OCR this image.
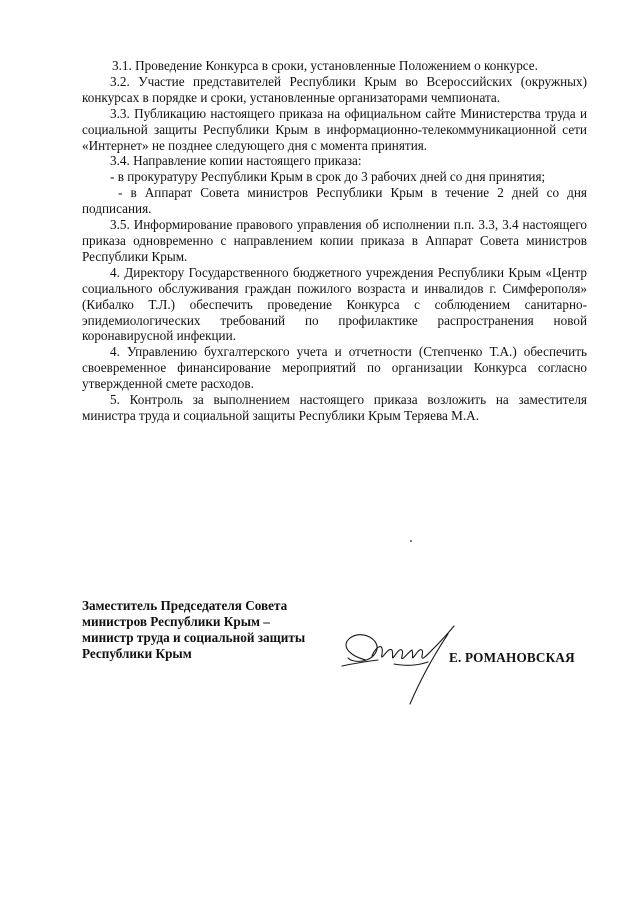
3.1. Проведение Конкурса в сроки, установленные Положением о конкурсе.

3.2. Участие представителей Республики Крым во Всероссийских (окружных) конкурсах в порядке и сроки, установленные организаторами чемпионата.

3.3. Публикацию настоящего приказа на официальном сайте Министерства труда и социальной защиты Республики Крым в информационно-телекоммуникационной сети «Интернет» не позднее следующего дня с момента принятия.

3.4. Направление копии настоящего приказа:

- в прокуратуру Республики Крым в срок до 3 рабочих дней со дня принятия;

- в Аппарат Совета министров Республики Крым в течение 2 дней со дня подписания.

3.5. Информирование правового управления об исполнении п.п. 3.3, 3.4 настоящего приказа одновременно с направлением копии приказа в Аппарат Совета министров Республики Крым.

4. Директору Государственного бюджетного учреждения Республики Крым «Центр социального обслуживания граждан пожилого возраста и инвалидов г. Симферополя» (Кибалко Т.Л.) обеспечить проведение Конкурса с соблюдением санитарно-эпидемиологических требований по профилактике распространения новой коронавирусной инфекции.

4. Управлению бухгалтерского учета и отчетности (Степченко Т.А.) обеспечить своевременное финансирование мероприятий по организации Конкурса согласно утвержденной смете расходов.

5. Контроль за выполнением настоящего приказа возложить на заместителя министра труда и социальной защиты Республики Крым Теряева М.А.

Заместитель Председателя Совета
министров Республики Крым –
министр труда и социальной защиты
Республики Крым	Е. РОМАНОВСКАЯ
